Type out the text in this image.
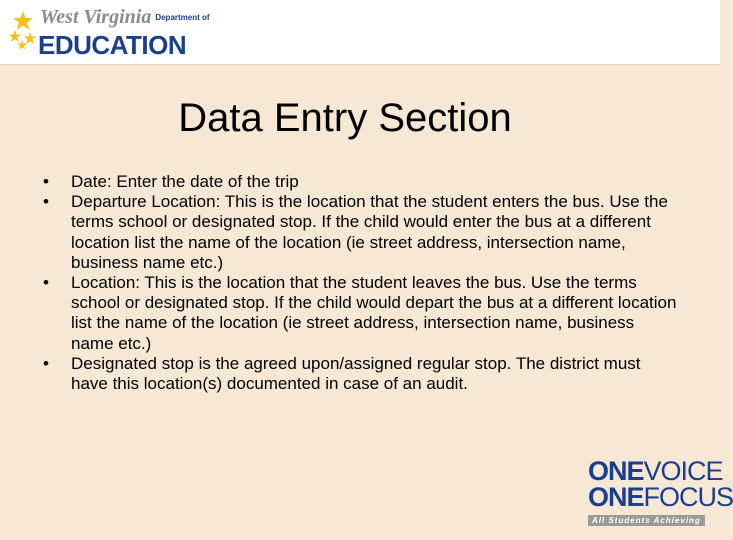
West Virginia Department of
EDUCATION
Data Entry Section
• Date: Enter the date of the trip
• Departure Location: This is the location that the student enters the bus. Use the terms school or designated stop. If the child would enter the bus at a different location list the name of the location (ie street address, intersection name, business name etc.)
• Location: This is the location that the student leaves the bus. Use the terms school or designated stop. If the child would depart the bus at a different location list the name of the location (ie street address, intersection name, business name etc.)
• Designated stop is the agreed upon/assigned regular stop. The district must have this location(s) documented in case of an audit.
ONEVOICE
ONEFOCUS
All Students Achieving
